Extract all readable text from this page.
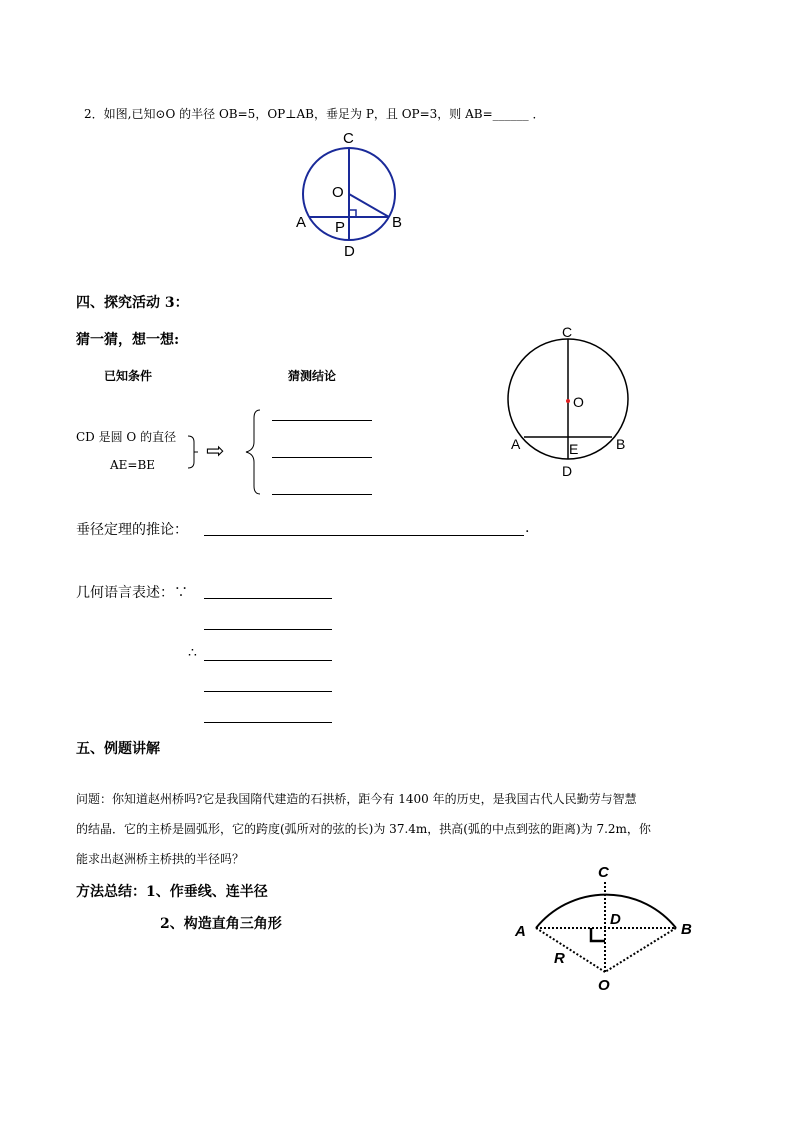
2．如图,已知⊙O 的半径 OB=5，OP⊥AB，垂足为 P，且 OP=3，则 AB=______ ．
C
O
A P	B
D
四、探究活动 3：
猜一猜，想一想:
已知条件	猜测结论
CD 是圆 O 的直径
AE=BE
⇨
C
O
A	E	B
D
垂径定理的推论：	.
几何语言表述：∵
∴
五、例题讲解
问题：你知道赵州桥吗?它是我国隋代建造的石拱桥，距今有 1400 年的历史，是我国古代人民勤劳与智慧
的结晶．它的主桥是圆弧形，它的跨度(弧所对的弦的长)为 37.4m，拱高(弧的中点到弦的距离)为 7.2m，你
能求出赵洲桥主桥拱的半径吗？
方法总结：1、作垂线、连半径
2、构造直角三角形
C
D
A	B
R
O
